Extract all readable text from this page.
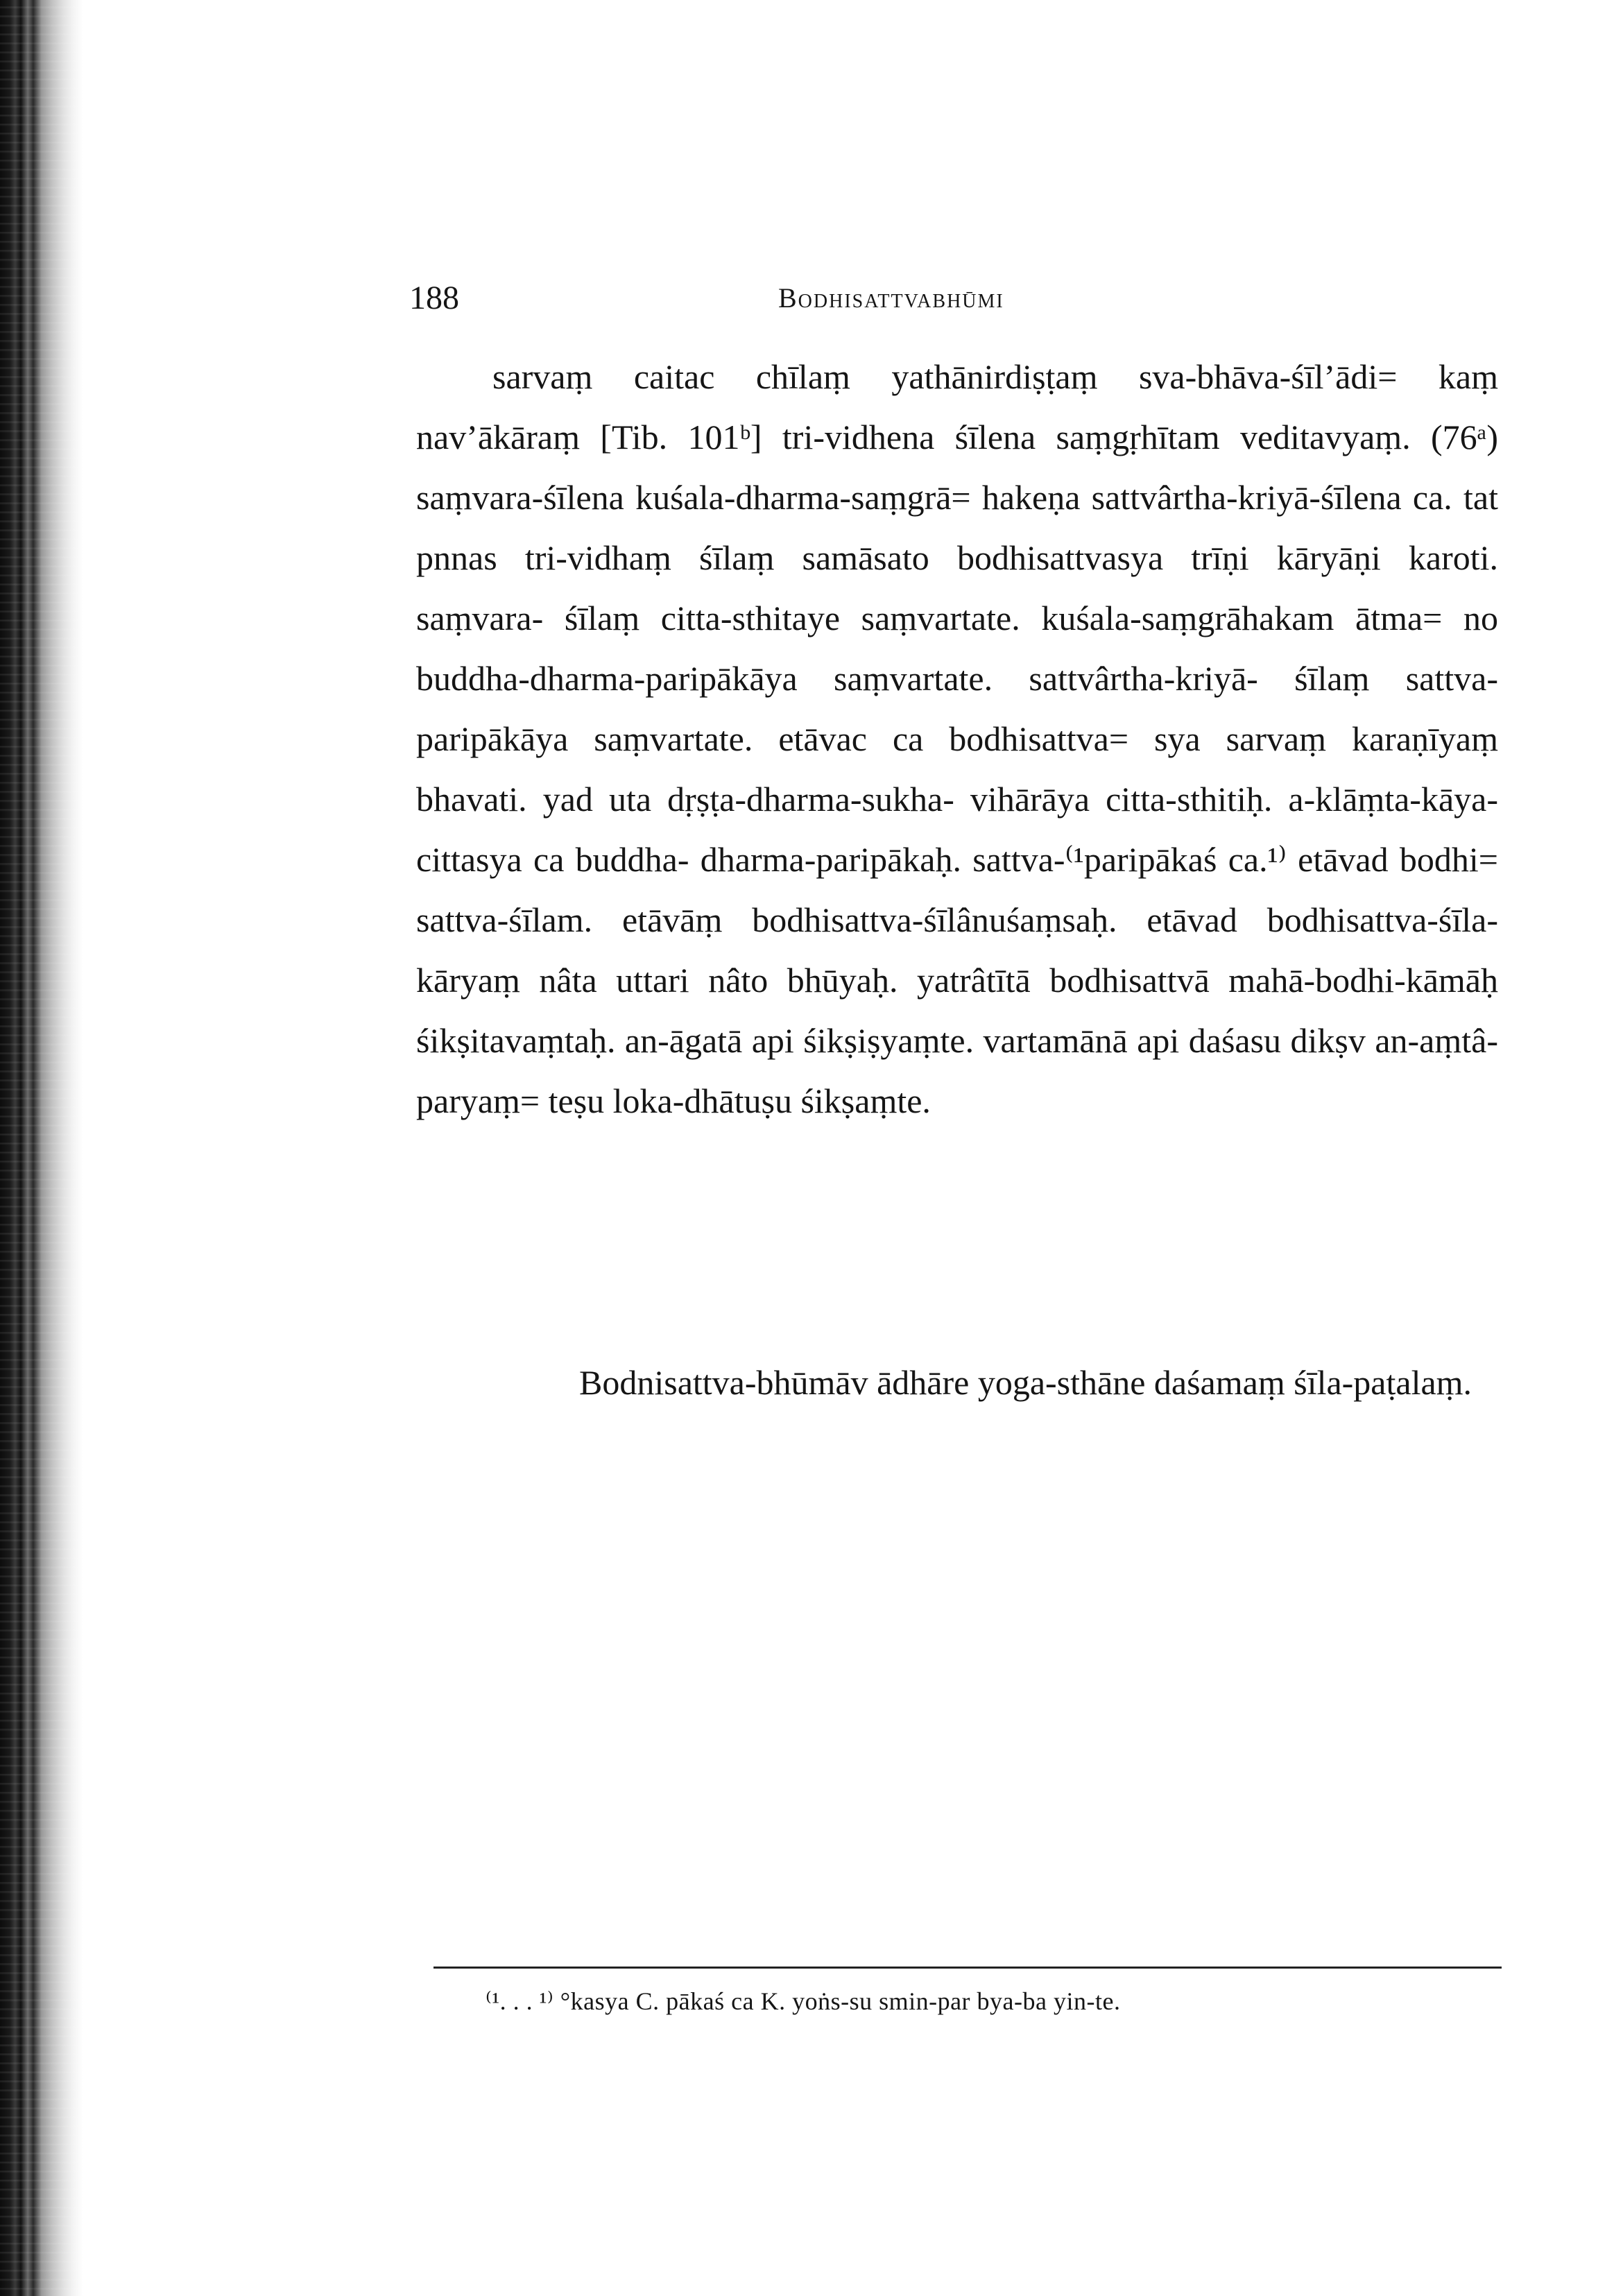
188	Bodhisattvabhūmi

sarvaṃ caitac chīlaṃ yathānirdiṣṭaṃ sva-bhāva-śīl’ādi= kaṃ nav’ākāraṃ [Tib. 101ᵇ] tri-vidhena śīlena saṃgṛhītam veditavyaṃ. (76ᵃ) saṃvara-śīlena kuśala-dharma-saṃgrā= hakeṇa sattvârtha-kriyā-śīlena ca. tat pnnas tri-vidhaṃ śīlaṃ samāsato bodhisattvasya trīṇi kāryāṇi karoti. saṃvara- śīlaṃ citta-sthitaye saṃvartate. kuśala-saṃgrāhakam ātma= no buddha-dharma-paripākāya saṃvartate. sattvârtha-kriyā- śīlaṃ sattva-paripākāya saṃvartate. etāvac ca bodhisattva= sya sarvaṃ karaṇīyaṃ bhavati. yad uta dṛṣṭa-dharma-sukha- vihārāya citta-sthitiḥ. a-klāṃta-kāya-cittasya ca buddha- dharma-paripākaḥ. sattva-⁽¹paripākaś ca.¹⁾ etāvad bodhi= sattva-śīlam. etāvāṃ bodhisattva-śīlânuśaṃsaḥ. etāvad bodhisattva-śīla-kāryaṃ nâta uttari nâto bhūyaḥ. yatrâtītā bodhisattvā mahā-bodhi-kāmāḥ śikṣitavaṃtaḥ. an-āgatā api śikṣiṣyaṃte. vartamānā api daśasu dikṣv an-aṃtâ-paryaṃ= teṣu loka-dhātuṣu śikṣaṃte.

Bodnisattva-bhūmāv ādhāre yoga-sthāne daśamaṃ śīla-paṭalaṃ.
⁽¹. . . ¹⁾ °kasya C. pākaś ca K. yoṅs-su smin-par bya-ba yin-te.
